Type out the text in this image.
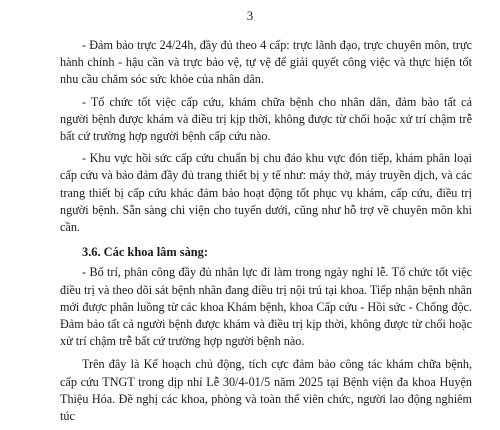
3

- Đảm bảo trực 24/24h, đầy đủ theo 4 cấp: trực lãnh đạo, trực chuyên môn, trực hành chính - hậu cần và trực bảo vệ, tự vệ để giải quyết công việc và thực hiện tốt nhu cầu chăm sóc sức khỏe của nhân dân.

- Tổ chức tốt việc cấp cứu, khám chữa bệnh cho nhân dân, đảm bảo tất cả người bệnh được khám và điều trị kịp thời, không được từ chối hoặc xử trí chậm trễ bất cứ trường hợp người bệnh cấp cứu nào.

- Khu vực hồi sức cấp cứu chuẩn bị chu đáo khu vực đón tiếp, khám phân loại cấp cứu và bảo đảm đầy đủ trang thiết bị y tế như: máy thở, máy truyền dịch, và các trang thiết bị cấp cứu khác đảm bảo hoạt động tốt phục vụ khám, cấp cứu, điều trị người bệnh. Sẵn sàng chi viện cho tuyến dưới, cũng như hỗ trợ về chuyên môn khi cần.

3.6. Các khoa lâm sàng:

- Bố trí, phân công đầy đủ nhân lực đi làm trong ngày nghỉ lễ. Tổ chức tốt việc điều trị và theo dõi sát bệnh nhân đang điều trị nội trú tại khoa. Tiếp nhận bệnh nhân mới được phân luồng từ các khoa Khám bệnh, khoa Cấp cứu - Hồi sức - Chống độc. Đảm bảo tất cả người bệnh được khám và điều trị kịp thời, không được từ chối hoặc xử trí chậm trễ bất cứ trường hợp người bệnh nào.

Trên đây là Kế hoạch chủ động, tích cực đảm bảo công tác khám chữa bệnh, cấp cứu TNGT trong dịp nhỉ Lễ 30/4-01/5 năm 2025 tại Bệnh viện đa khoa Huyện Thiệu Hóa. Đề nghị các khoa, phòng và toàn thể viên chức, người lao động nghiêm túc
